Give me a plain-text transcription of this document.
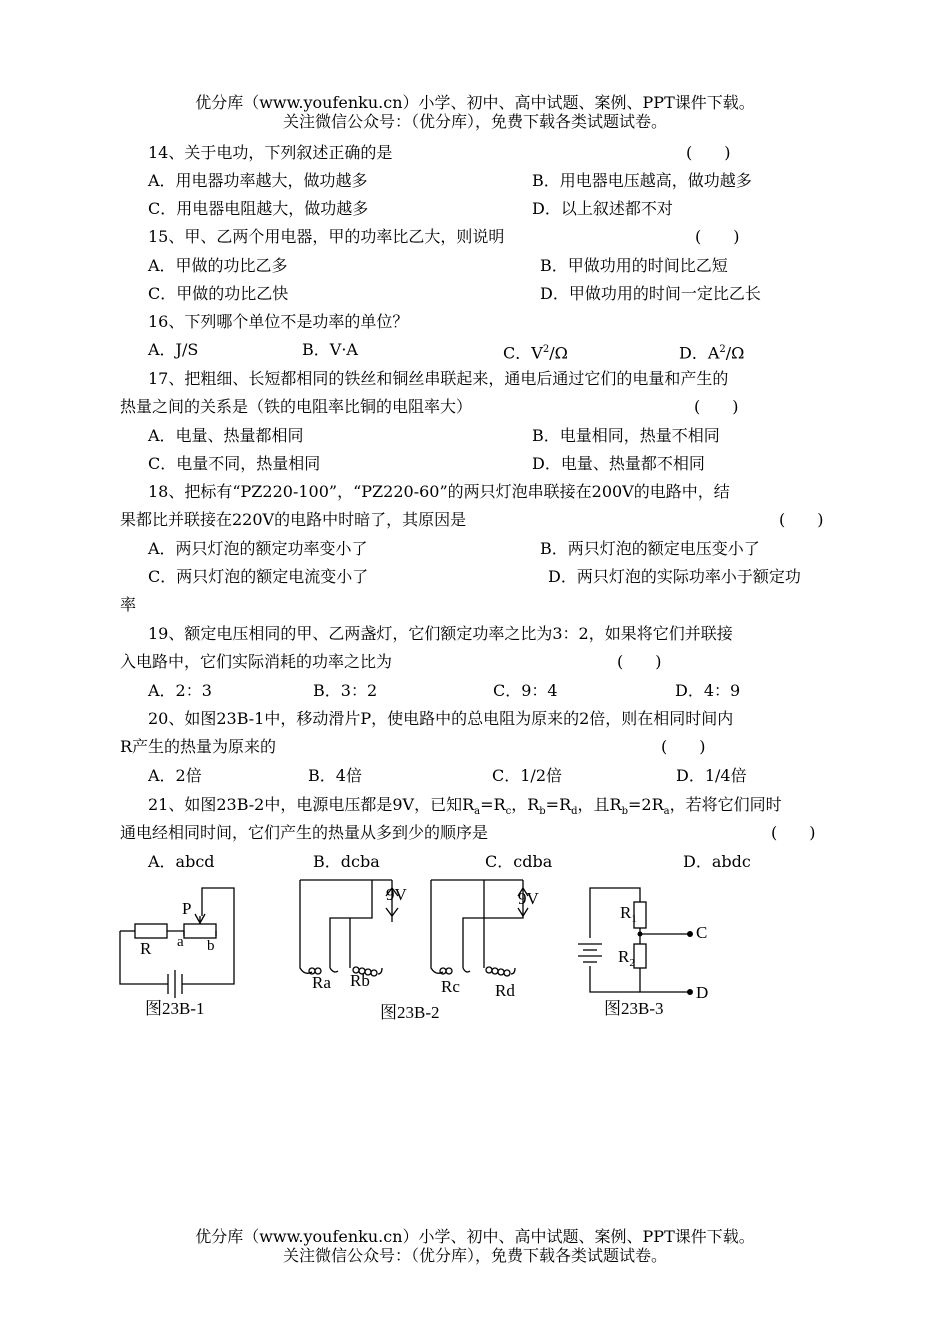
优分库（www.youfenku.cn）小学、初中、高中试题、案例、PPT课件下载。
关注微信公众号：（优分库），免费下载各类试题试卷。
14、关于电功，下列叙述正确的是	(　　)
A．用电器功率越大，做功越多	B．用电器电压越高，做功越多
C．用电器电阻越大，做功越多	D．以上叙述都不对
15、甲、乙两个用电器，甲的功率比乙大，则说明	(　　)
A．甲做的功比乙多	B．甲做功用的时间比乙短
C．甲做的功比乙快	D．甲做功用的时间一定比乙长
16、下列哪个单位不是功率的单位？
A．J/S	B．V·A	C．$V^2/\Omega$	D．$A^2/\Omega$
17、把粗细、长短都相同的铁丝和铜丝串联起来，通电后通过它们的电量和产生的
热量之间的关系是（铁的电阻率比铜的电阻率大）	(　　)
A．电量、热量都相同	B．电量相同，热量不相同
C．电量不同，热量相同	D．电量、热量都不相同
18、把标有“PZ220-100”，“PZ220-60”的两只灯泡串联接在200V的电路中，结
果都比并联接在220V的电路中时暗了，其原因是	(　　)
A．两只灯泡的额定功率变小了	B．两只灯泡的额定电压变小了
C．两只灯泡的额定电流变小了	D．两只灯泡的实际功率小于额定功
率
19、额定电压相同的甲、乙两盏灯，它们额定功率之比为3：2，如果将它们并联接
入电路中，它们实际消耗的功率之比为	(　　)
A．2：3	B．3：2	C．9：4	D．4：9
20、如图23B-1中，移动滑片P，使电路中的总电阻为原来的2倍，则在相同时间内
R产生的热量为原来的	(　　)
A．2倍	B．4倍	C．1/2倍	D．1/4倍
21、如图23B-2中，电源电压都是9V，已知$R_a=R_c$，$R_b=R_d$，且$R_b=2R_a$，若将它们同时
通电经相同时间，它们产生的热量从多到少的顺序是	(　　)
A．abcd	B．dcba	C．cdba	D．abdc
P
R a b
图23B-1
9V	9V
Ra Rb	Rc Rd
图23B-2
$R_1$
$R_2$
C
D
图23B-3
优分库（www.youfenku.cn）小学、初中、高中试题、案例、PPT课件下载。
关注微信公众号：（优分库），免费下载各类试题试卷。
